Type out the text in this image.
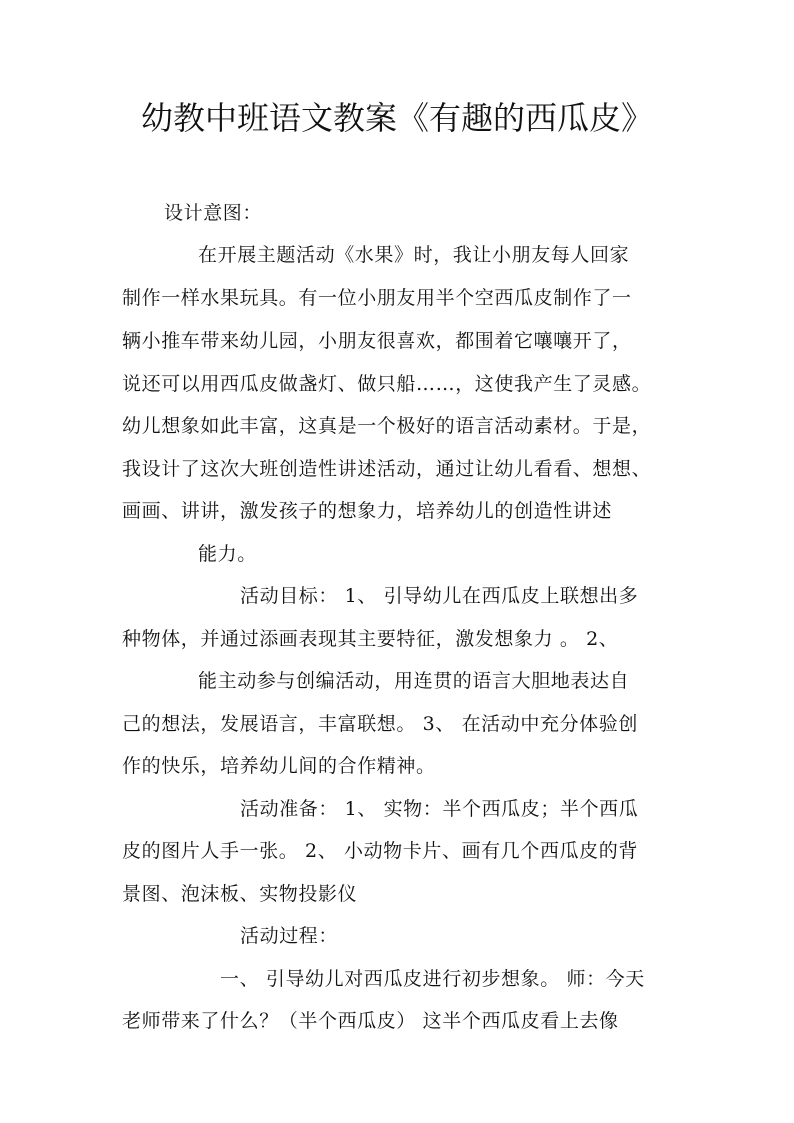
幼教中班语文教案《有趣的西瓜皮》

设计意图：

在开展主题活动《水果》时，我让小朋友每人回家

制作一样水果玩具。有一位小朋友用半个空西瓜皮制作了一

辆小推车带来幼儿园，小朋友很喜欢，都围着它嚷嚷开了，

说还可以用西瓜皮做盏灯、做只船……，这使我产生了灵感。

幼儿想象如此丰富，这真是一个极好的语言活动素材。于是，

我设计了这次大班创造性讲述活动，通过让幼儿看看、想想、

画画、讲讲，激发孩子的想象力，培养幼儿的创造性讲述

能力。

活动目标： 1、 引导幼儿在西瓜皮上联想出多

种物体，并通过添画表现其主要特征，激发想象力 。 2、

能主动参与创编活动，用连贯的语言大胆地表达自

己的想法，发展语言，丰富联想。 3、 在活动中充分体验创

作的快乐，培养幼儿间的合作精神。

活动准备： 1、 实物：半个西瓜皮；半个西瓜

皮的图片人手一张。 2、 小动物卡片、画有几个西瓜皮的背

景图、泡沫板、实物投影仪

活动过程：

一、 引导幼儿对西瓜皮进行初步想象。 师：今天

老师带来了什么？（半个西瓜皮） 这半个西瓜皮看上去像
